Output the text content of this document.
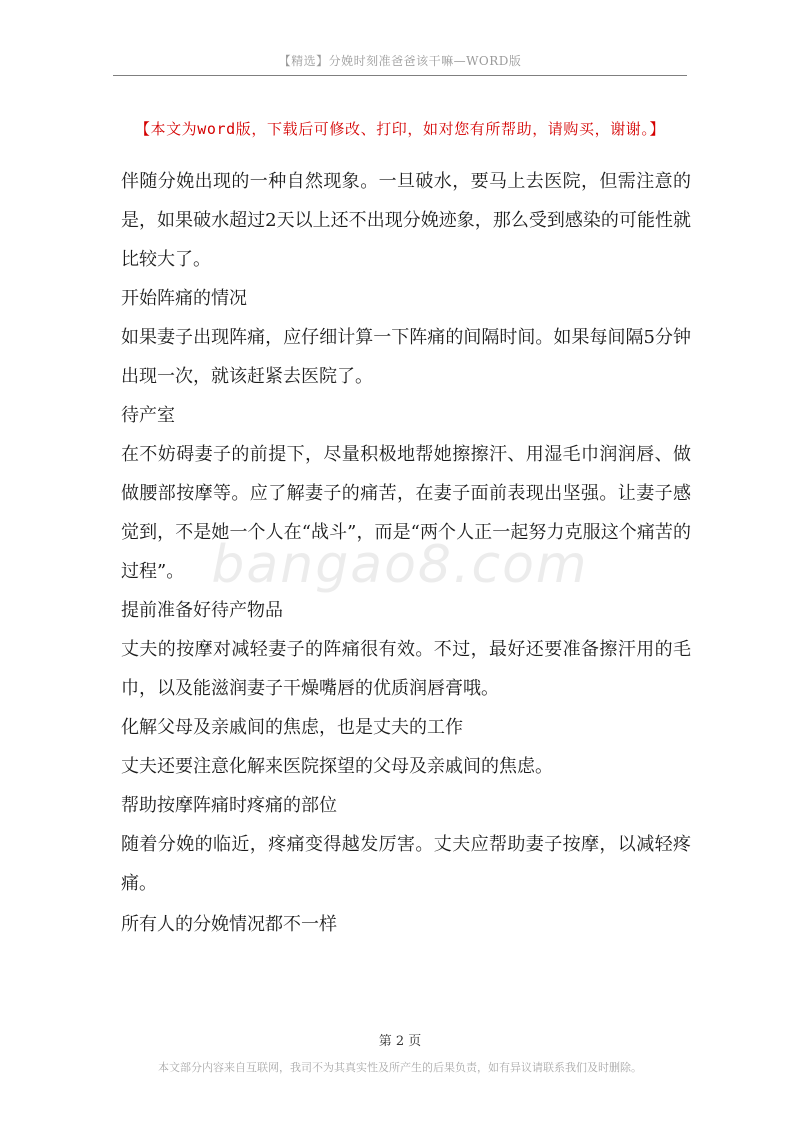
【精选】分娩时刻准爸爸该干嘛—WORD版
【本文为word版，下载后可修改、打印，如对您有所帮助，请购买，谢谢。】
bangao8.com

伴随分娩出现的一种自然现象。一旦破水，要马上去医院，但需注意的是，如果破水超过2天以上还不出现分娩迹象，那么受到感染的可能性就比较大了。

开始阵痛的情况

如果妻子出现阵痛，应仔细计算一下阵痛的间隔时间。如果每间隔5分钟出现一次，就该赶紧去医院了。

待产室

在不妨碍妻子的前提下，尽量积极地帮她擦擦汗、用湿毛巾润润唇、做做腰部按摩等。应了解妻子的痛苦，在妻子面前表现出坚强。让妻子感觉到，不是她一个人在“战斗”，而是“两个人正一起努力克服这个痛苦的过程”。

提前准备好待产物品

丈夫的按摩对减轻妻子的阵痛很有效。不过，最好还要准备擦汗用的毛巾，以及能滋润妻子干燥嘴唇的优质润唇膏哦。

化解父母及亲戚间的焦虑，也是丈夫的工作

丈夫还要注意化解来医院探望的父母及亲戚间的焦虑。

帮助按摩阵痛时疼痛的部位

随着分娩的临近，疼痛变得越发厉害。丈夫应帮助妻子按摩，以减轻疼痛。

所有人的分娩情况都不一样

第 2 页
本文部分内容来自互联网，我司不为其真实性及所产生的后果负责，如有异议请联系我们及时删除。
